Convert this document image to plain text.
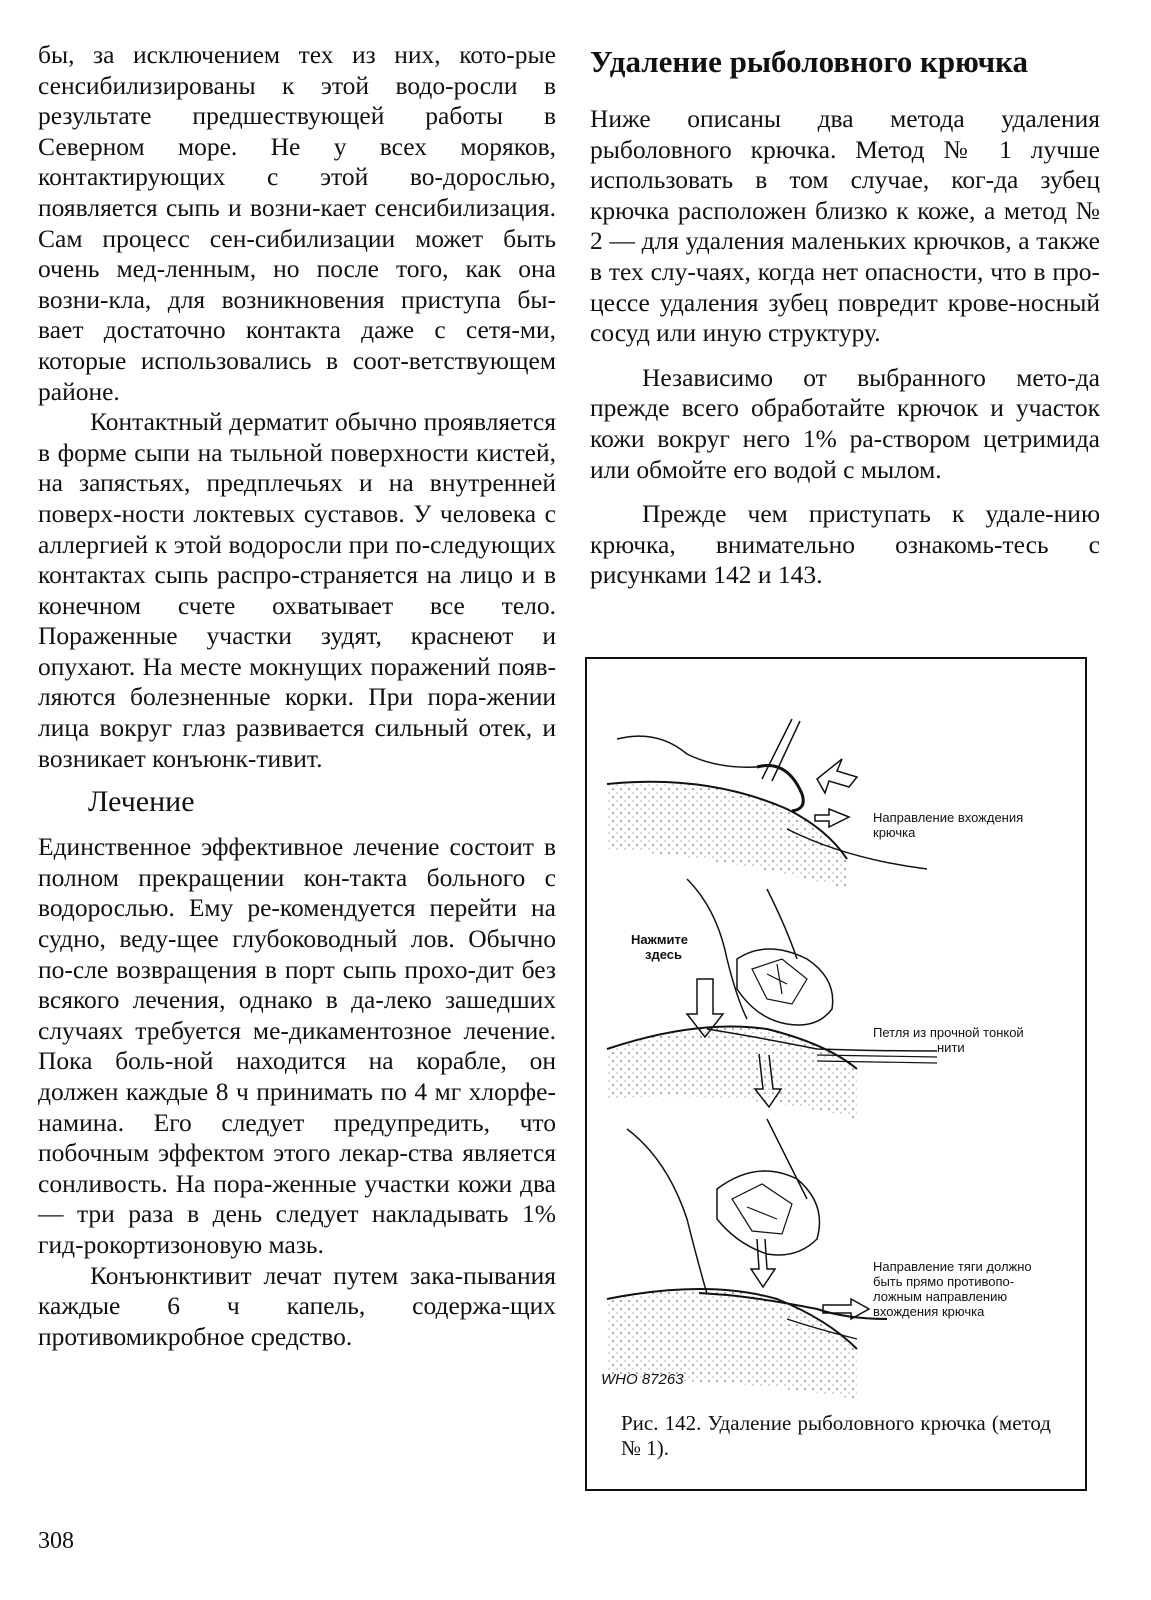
бы, за исключением тех из них, кото-рые сенсибилизированы к этой водо-росли в результате предшествующей работы в Северном море. Не у всех моряков, контактирующих с этой во-дорослью, появляется сыпь и возни-кает сенсибилизация. Сам процесс сен-сибилизации может быть очень мед-ленным, но после того, как она возни-кла, для возникновения приступа бы-вает достаточно контакта даже с сетя-ми, которые использовались в соот-ветствующем районе.

Контактный дерматит обычно проявляется в форме сыпи на тыльной поверхности кистей, на запястьях, предплечьях и на внутренней поверх-ности локтевых суставов. У человека с аллергией к этой водоросли при по-следующих контактах сыпь распро-страняется на лицо и в конечном счете охватывает все тело. Пораженные участки зудят, краснеют и опухают. На месте мокнущих поражений появ-ляются болезненные корки. При пора-жении лица вокруг глаз развивается сильный отек, и возникает конъюнк-тивит.

Лечение

Единственное эффективное лечение состоит в полном прекращении кон-такта больного с водорослью. Ему ре-комендуется перейти на судно, веду-щее глубоководный лов. Обычно по-сле возвращения в порт сыпь прохо-дит без всякого лечения, однако в да-леко зашедших случаях требуется ме-дикаментозное лечение. Пока боль-ной находится на корабле, он должен каждые 8 ч принимать по 4 мг хлорфе-намина. Его следует предупредить, что побочным эффектом этого лекар-ства является сонливость. На пора-женные участки кожи два — три раза в день следует накладывать 1% гид-рокортизоновую мазь.

Конъюнктивит лечат путем зака-пывания каждые 6 ч капель, содержа-щих противомикробное средство.

Удаление рыболовного крючка

Ниже описаны два метода удаления рыболовного крючка. Метод № 1 лучше использовать в том случае, ког-да зубец крючка расположен близко к коже, а метод № 2 — для удаления маленьких крючков, а также в тех слу-чаях, когда нет опасности, что в про-цессе удаления зубец повредит крове-носный сосуд или иную структуру.

Независимо от выбранного мето-да прежде всего обработайте крючок и участок кожи вокруг него 1% ра-створом цетримида или обмойте его водой с мылом.

Прежде чем приступать к удале-нию крючка, внимательно ознакомь-тесь с рисунками 142 и 143.

Направление вхождения
крючка
Нажмите
здесь
Петля из прочной тонкой
нити
Направление тяги должно
быть прямо противопо-
ложным направлению
вхождения крючка
WHO 87263
Рис. 142. Удаление рыболовного крючка (метод № 1).
308
